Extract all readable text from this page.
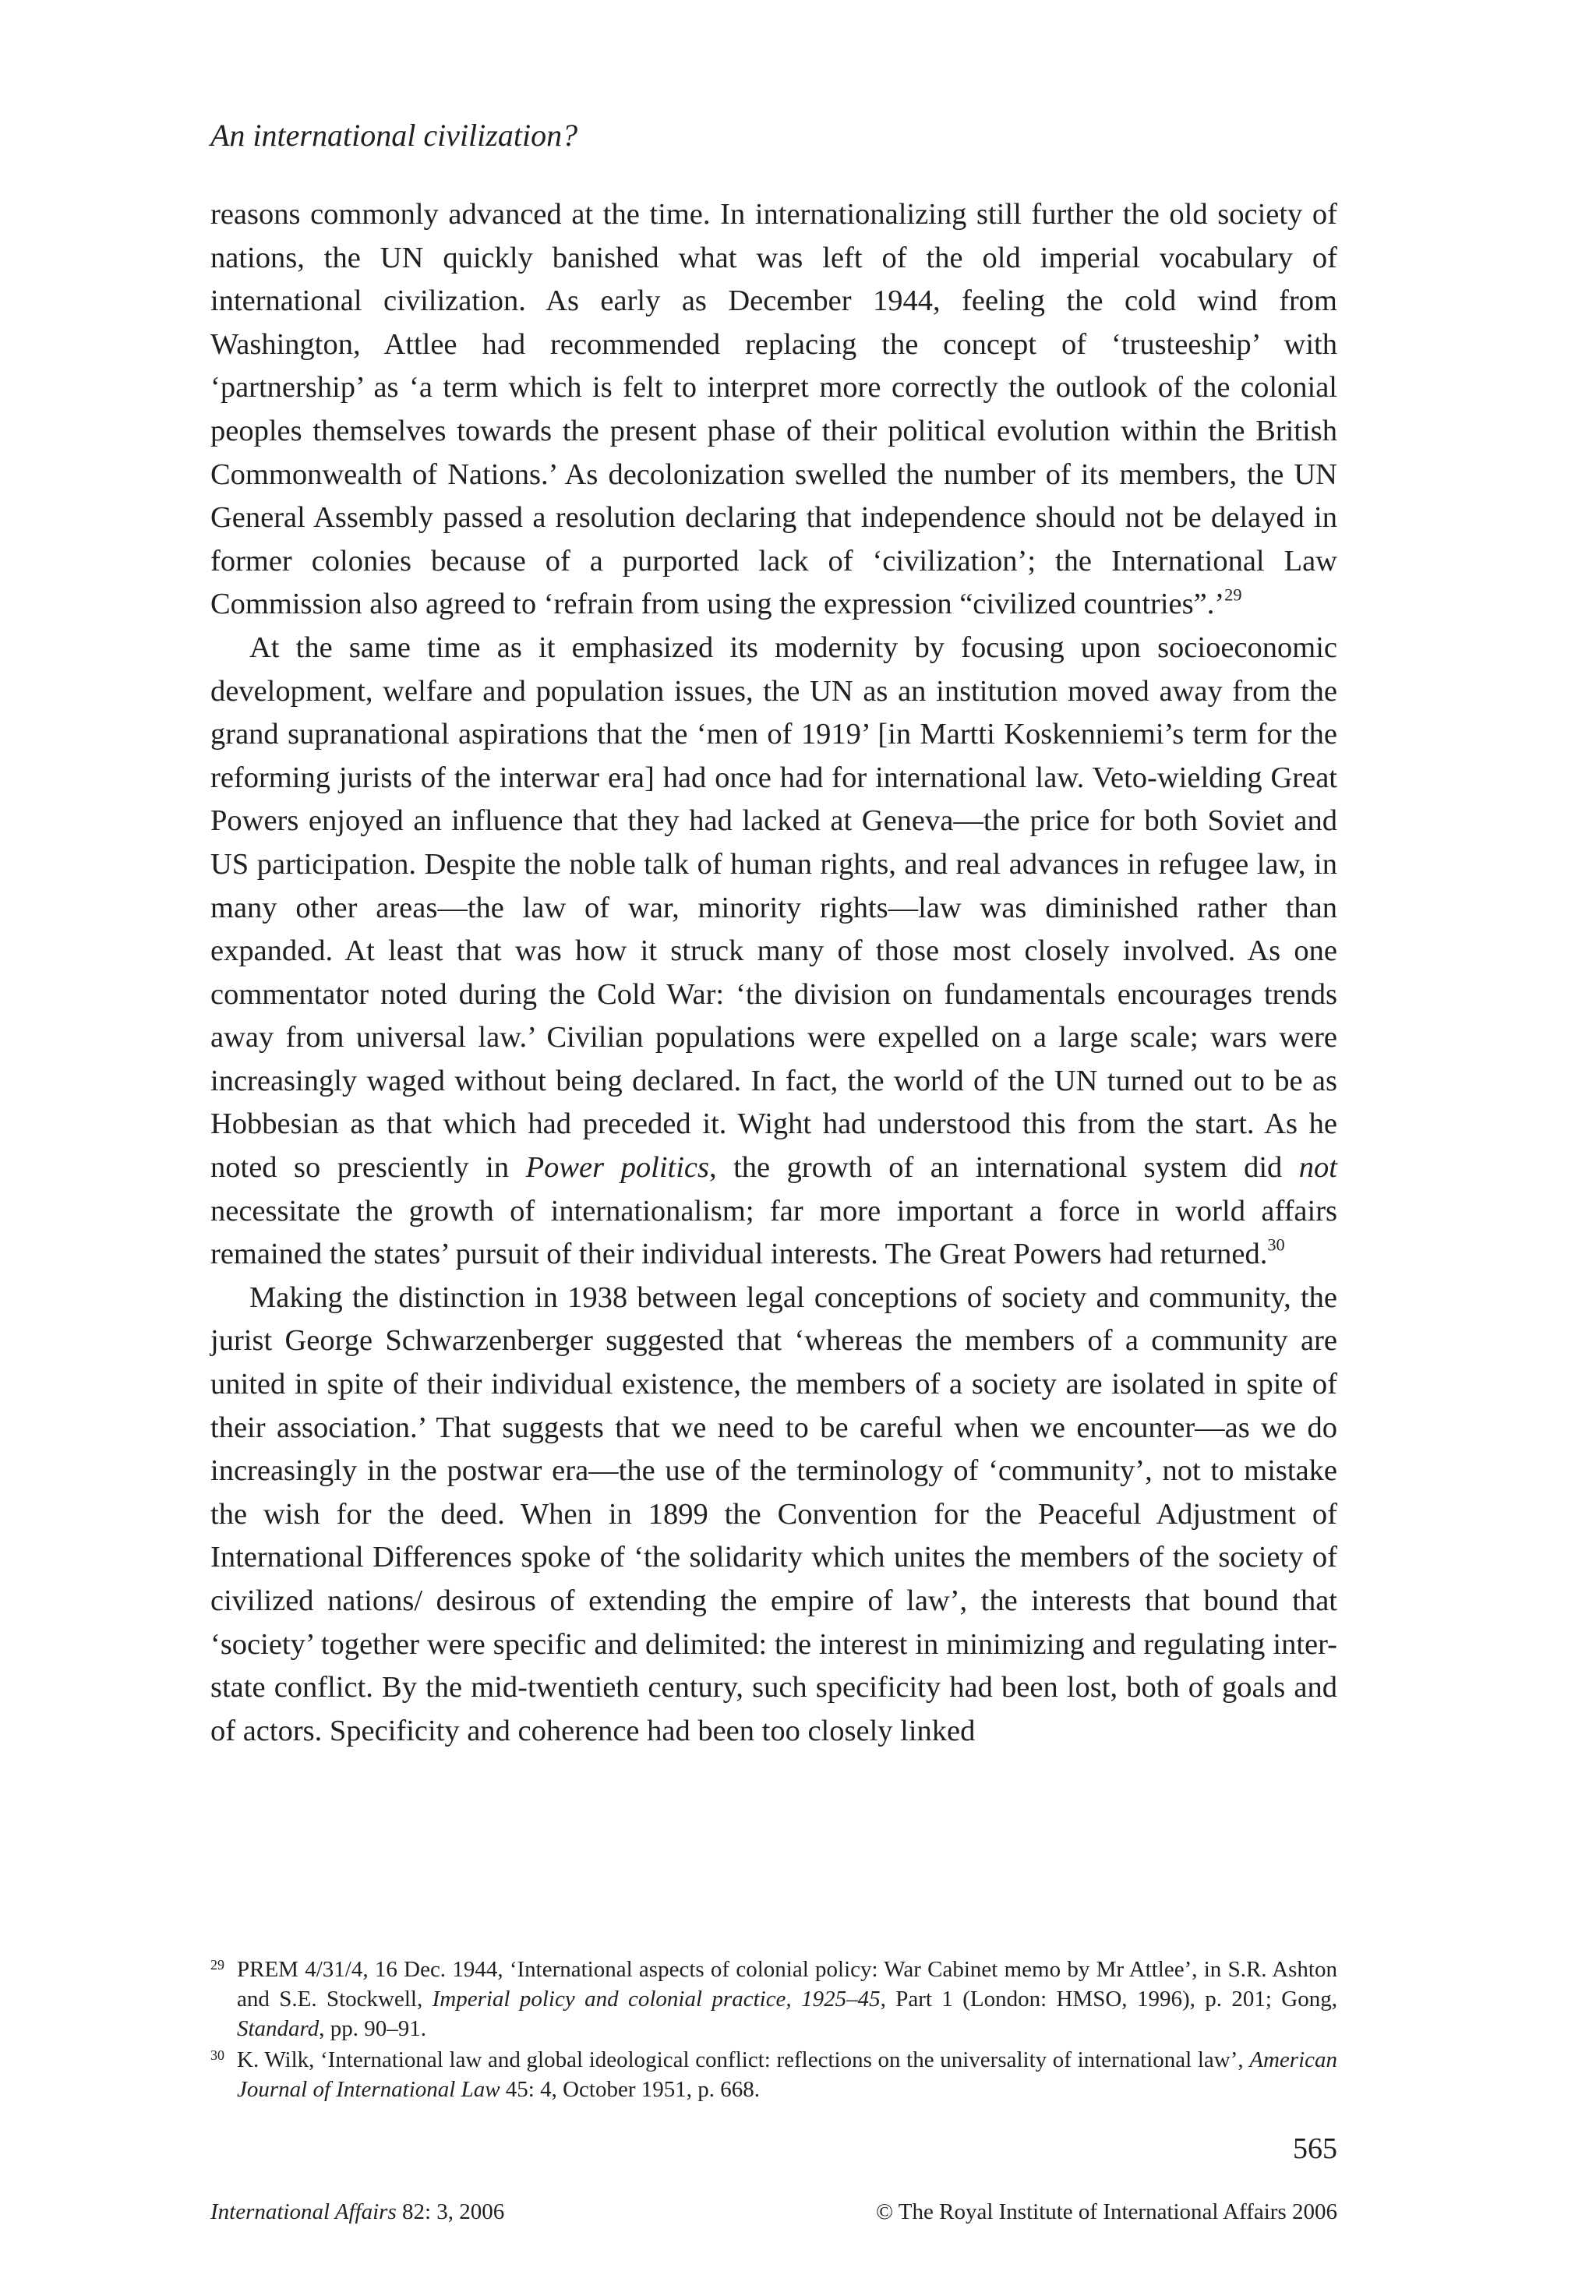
An international civilization?

reasons commonly advanced at the time. In internationalizing still further the old society of nations, the UN quickly banished what was left of the old imperial vocabulary of international civilization. As early as December 1944, feeling the cold wind from Washington, Attlee had recommended replacing the concept of ‘trusteeship’ with ‘partnership’ as ‘a term which is felt to interpret more correctly the outlook of the colonial peoples themselves towards the present phase of their political evolution within the British Commonwealth of Nations.’ As decolonization swelled the number of its members, the UN General Assembly passed a resolution declaring that independence should not be delayed in former colonies because of a purported lack of ‘civilization’; the International Law Commission also agreed to ‘refrain from using the expression “civilized countries”.’$^{29}$

At the same time as it emphasized its modernity by focusing upon socioeconomic development, welfare and population issues, the UN as an institution moved away from the grand supranational aspirations that the ‘men of 1919’ [in Martti Koskenniemi’s term for the reforming jurists of the interwar era] had once had for international law. Veto-wielding Great Powers enjoyed an influence that they had lacked at Geneva—the price for both Soviet and US participation. Despite the noble talk of human rights, and real advances in refugee law, in many other areas—the law of war, minority rights—law was diminished rather than expanded. At least that was how it struck many of those most closely involved. As one commentator noted during the Cold War: ‘the division on fundamentals encourages trends away from universal law.’ Civilian populations were expelled on a large scale; wars were increasingly waged without being declared. In fact, the world of the UN turned out to be as Hobbesian as that which had preceded it. Wight had understood this from the start. As he noted so presciently in Power politics, the growth of an international system did not necessitate the growth of internationalism; far more important a force in world affairs remained the states’ pursuit of their individual interests. The Great Powers had returned.$^{30}$

Making the distinction in 1938 between legal conceptions of society and community, the jurist George Schwarzenberger suggested that ‘whereas the members of a community are united in spite of their individual existence, the members of a society are isolated in spite of their association.’ That suggests that we need to be careful when we encounter—as we do increasingly in the postwar era—the use of the terminology of ‘community’, not to mistake the wish for the deed. When in 1899 the Convention for the Peaceful Adjustment of International Differences spoke of ‘the solidarity which unites the members of the society of civilized nations/ desirous of extending the empire of law’, the interests that bound that ‘society’ together were specific and delimited: the interest in minimizing and regulating inter-state conflict. By the mid-twentieth century, such specificity had been lost, both of goals and of actors. Specificity and coherence had been too closely linked

29 PREM 4/31/4, 16 Dec. 1944, ‘International aspects of colonial policy: War Cabinet memo by Mr Attlee’, in S.R. Ashton and S.E. Stockwell, Imperial policy and colonial practice, 1925–45, Part 1 (London: HMSO, 1996), p. 201; Gong, Standard, pp. 90–91.
30 K. Wilk, ‘International law and global ideological conflict: reflections on the universality of international law’, American Journal of International Law 45: 4, October 1951, p. 668.
565
International Affairs 82: 3, 2006	© The Royal Institute of International Affairs 2006
